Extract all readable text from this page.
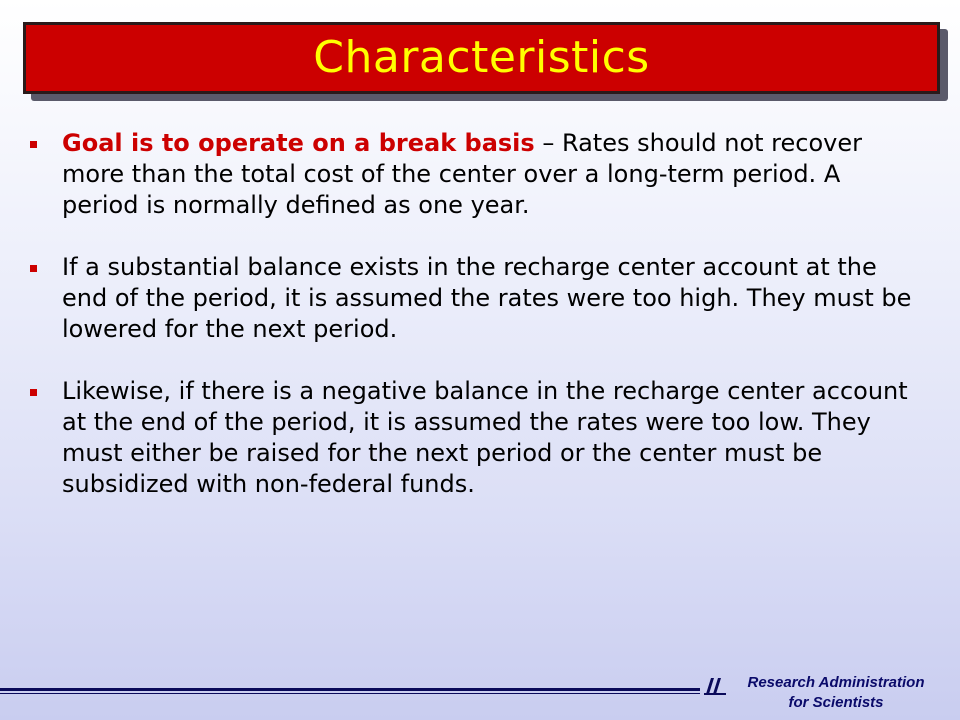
Characteristics
Goal is to operate on a break basis – Rates should not recover more than the total cost of the center over a long-term period. A period is normally defined as one year.
If a substantial balance exists in the recharge center account at the end of the period, it is assumed the rates were too high. They must be lowered for the next period.
Likewise, if there is a negative balance in the recharge center account at the end of the period, it is assumed the rates were too low. They must either be raised for the next period or the center must be subsidized with non-federal funds.
Research Administration
for Scientists
